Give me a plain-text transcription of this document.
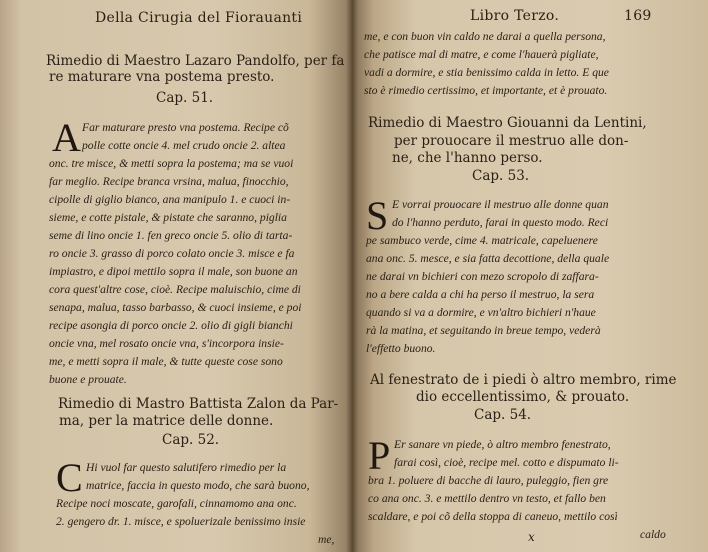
Della Cirugia del Fiorauanti
Rimedio di Maestro Lazaro Pandolfo, per fa
re maturare vna postema presto.
Cap. 51.
A Far maturare presto vna postema. Recipe cõ
polle cotte oncie 4. mel crudo oncie 2. altea
onc. tre misce, & metti sopra la postema; ma se vuoi
far meglio. Recipe branca vrsina, malua, finocchio,
cipolle di giglio bianco, ana manipulo 1. e cuoci in-
sieme, e cotte pistale, & pistate che saranno, piglia
seme di lino oncie 1. fen greco oncie 5. olio di tarta-
ro oncie 3. grasso di porco colato oncie 3. misce e fa
impiastro, e dipoi mettilo sopra il male, son buone an
cora quest'altre cose, cioè. Recipe maluischio, cime di
senapa, malua, tasso barbasso, & cuoci insieme, e poi
recipe asongia di porco oncie 2. olio di gigli bianchi
oncie vna, mel rosato oncie vna, s'incorpora insie-
me, e metti sopra il male, & tutte queste cose sono
buone e prouate.
Rimedio di Mastro Battista Zalon da Par-
ma, per la matrice delle donne.
Cap. 52.
C Hi vuol far questo salutifero rimedio per la
matrice, faccia in questo modo, che sarà buono,
Recipe noci moscate, garofali, cinnamomo ana onc.
2. gengero dr. 1. misce, e spoluerizale benissimo insie
me,
Libro Terzo.	169
me, e con buon vin caldo ne darai a quella persona,
che patisce mal di matre, e come l'hauerà pigliate,
vadi a dormire, e stia benissimo calda in letto. E que
sto è rimedio certissimo, et importante, et è prouato.
Rimedio di Maestro Giouanni da Lentini,
per prouocare il mestruo alle don-
ne, che l'hanno perso.
Cap. 53.
S E vorrai prouocare il mestruo alle donne quan
do l'hanno perduto, farai in questo modo. Reci
pe sambuco verde, cime 4. matricale, capeluenere
ana onc. 5. mesce, e sia fatta decottione, della quale
ne darai vn bichieri con mezo scropolo di zaffara-
no a bere calda a chi ha perso il mestruo, la sera
quando si va a dormire, e vn'altro bichieri n'haue
rà la matina, et seguitando in breue tempo, vederà
l'effetto buono.
Al fenestrato de i piedi ò altro membro, rime
dio eccellentissimo, & prouato.
Cap. 54.
P Er sanare vn piede, ò altro membro fenestrato,
farai così, cioè, recipe mel. cotto e dispumato li-
bra 1. poluere di bacche di lauro, puleggio, fien gre
co ana onc. 3. e mettilo dentro vn testo, et fallo ben
scaldare, e poi cõ della stoppa di caneuo, mettilo così
caldo
x
